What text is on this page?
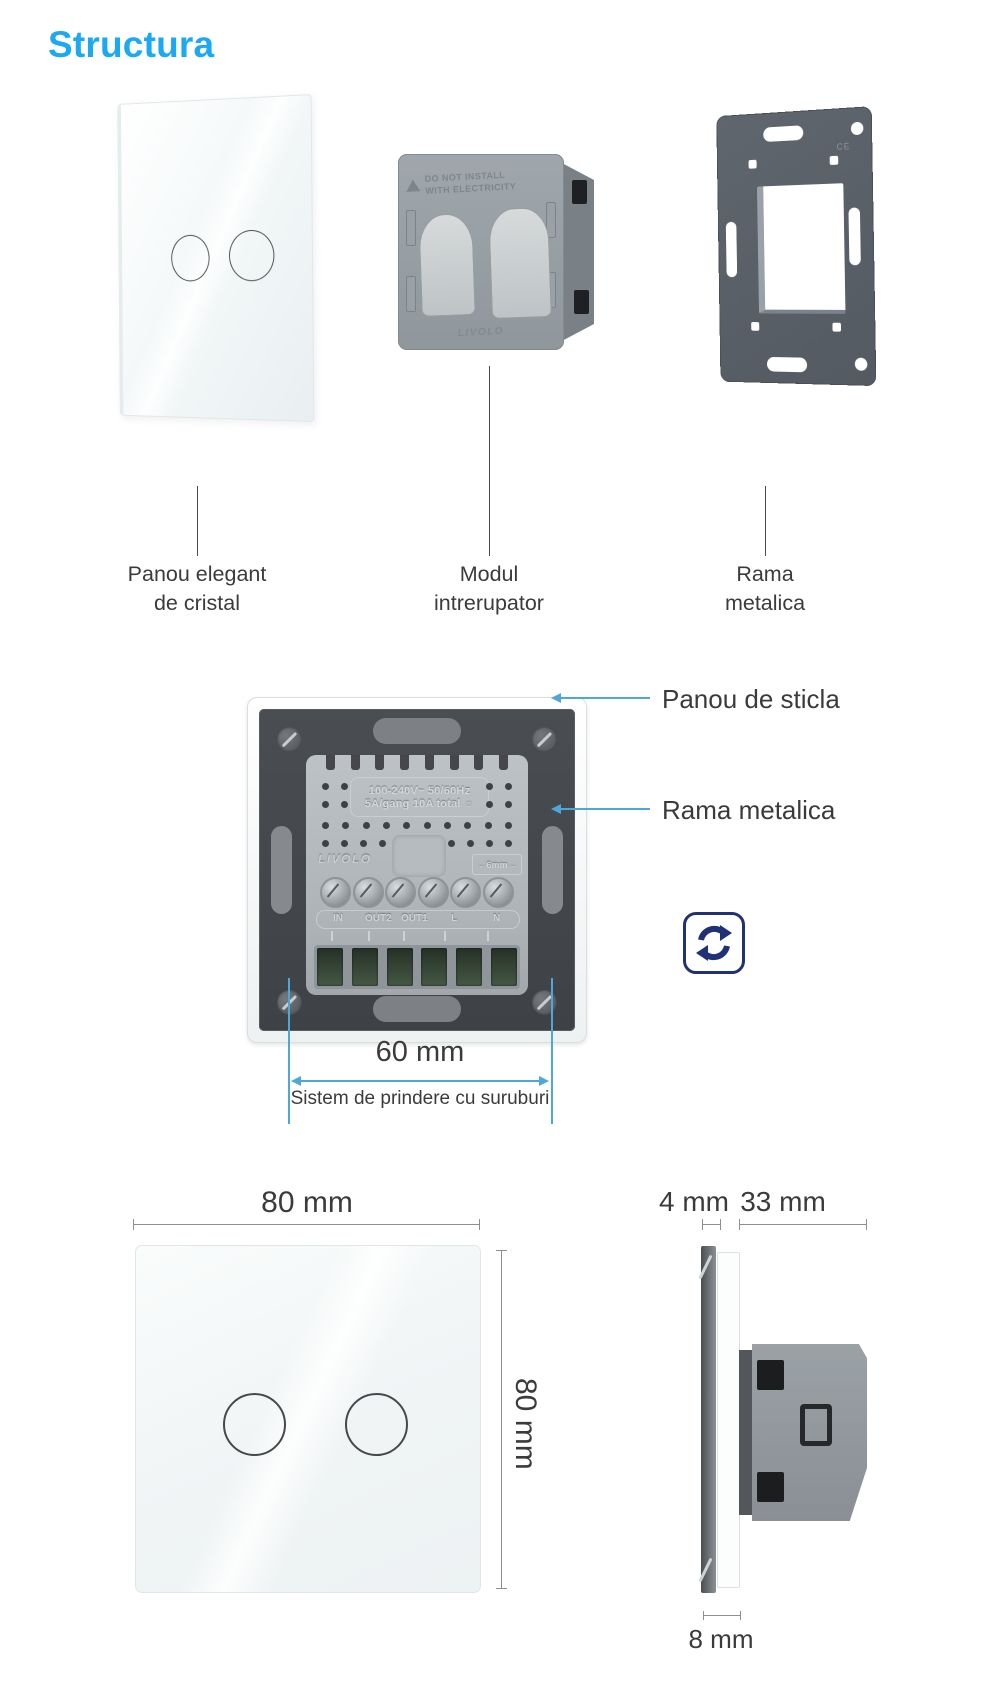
Structura
DO NOT INSTALL
WITH ELECTRICITY
LIVOLO
CE
Panou elegant
de cristal
Modul
intrerupator
Rama
metalica
100-240V~ 50/60Hz
5A/gang 10A total ☼
LIVOLO	←6mm→
IN OUT2 OUT1 L	N
Panou de sticla
Rama metalica
60 mm
Sistem de prindere cu suruburi
80 mm
80 mm
4 mm 33 mm
8 mm
